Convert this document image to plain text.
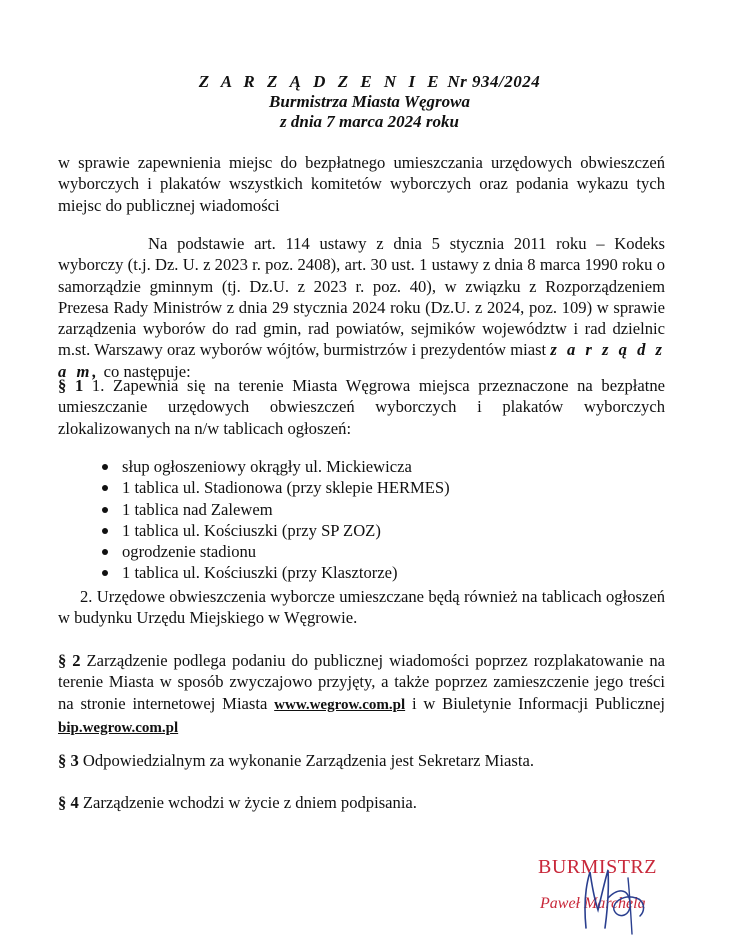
Z A R Z Ą D Z E N I E Nr 934/2024
Burmistrza Miasta Węgrowa
z dnia 7 marca 2024 roku
w sprawie zapewnienia miejsc do bezpłatnego umieszczania urzędowych obwieszczeń wyborczych i plakatów wszystkich komitetów wyborczych oraz podania wykazu tych miejsc do publicznej wiadomości
Na podstawie art. 114 ustawy z dnia 5 stycznia 2011 roku – Kodeks wyborczy (t.j. Dz. U. z 2023 r. poz. 2408), art. 30 ust. 1 ustawy z dnia 8 marca 1990 roku o samorządzie gminnym (tj. Dz.U. z 2023 r. poz. 40), w związku z Rozporządzeniem Prezesa Rady Ministrów z dnia 29 stycznia 2024 roku (Dz.U. z 2024, poz. 109) w sprawie zarządzenia wyborów do rad gmin, rad powiatów, sejmików województw i rad dzielnic m.st. Warszawy oraz wyborów wójtów, burmistrzów i prezydentów miast z a r z ą d z a m, co następuje:
§ 1 1. Zapewnia się na terenie Miasta Węgrowa miejsca przeznaczone na bezpłatne umieszczanie urzędowych obwieszczeń wyborczych i plakatów wyborczych zlokalizowanych na n/w tablicach ogłoszeń:
słup ogłoszeniowy okrągły ul. Mickiewicza
1 tablica ul. Stadionowa (przy sklepie HERMES)
1 tablica nad Zalewem
1 tablica ul. Kościuszki (przy SP ZOZ)
ogrodzenie stadionu
1 tablica ul. Kościuszki (przy Klasztorze)
2. Urzędowe obwieszczenia wyborcze umieszczane będą również na tablicach ogłoszeń w budynku Urzędu Miejskiego w Węgrowie.
§ 2 Zarządzenie podlega podaniu do publicznej wiadomości poprzez rozplakatowanie na terenie Miasta w sposób zwyczajowo przyjęty, a także poprzez zamieszczenie jego treści na stronie internetowej Miasta www.wegrow.com.pl i w Biuletynie Informacji Publicznej bip.wegrow.com.pl
§ 3 Odpowiedzialnym za wykonanie Zarządzenia jest Sekretarz Miasta.
§ 4 Zarządzenie wchodzi w życie z dniem podpisania.
BURMISTRZ
Paweł Marchela
